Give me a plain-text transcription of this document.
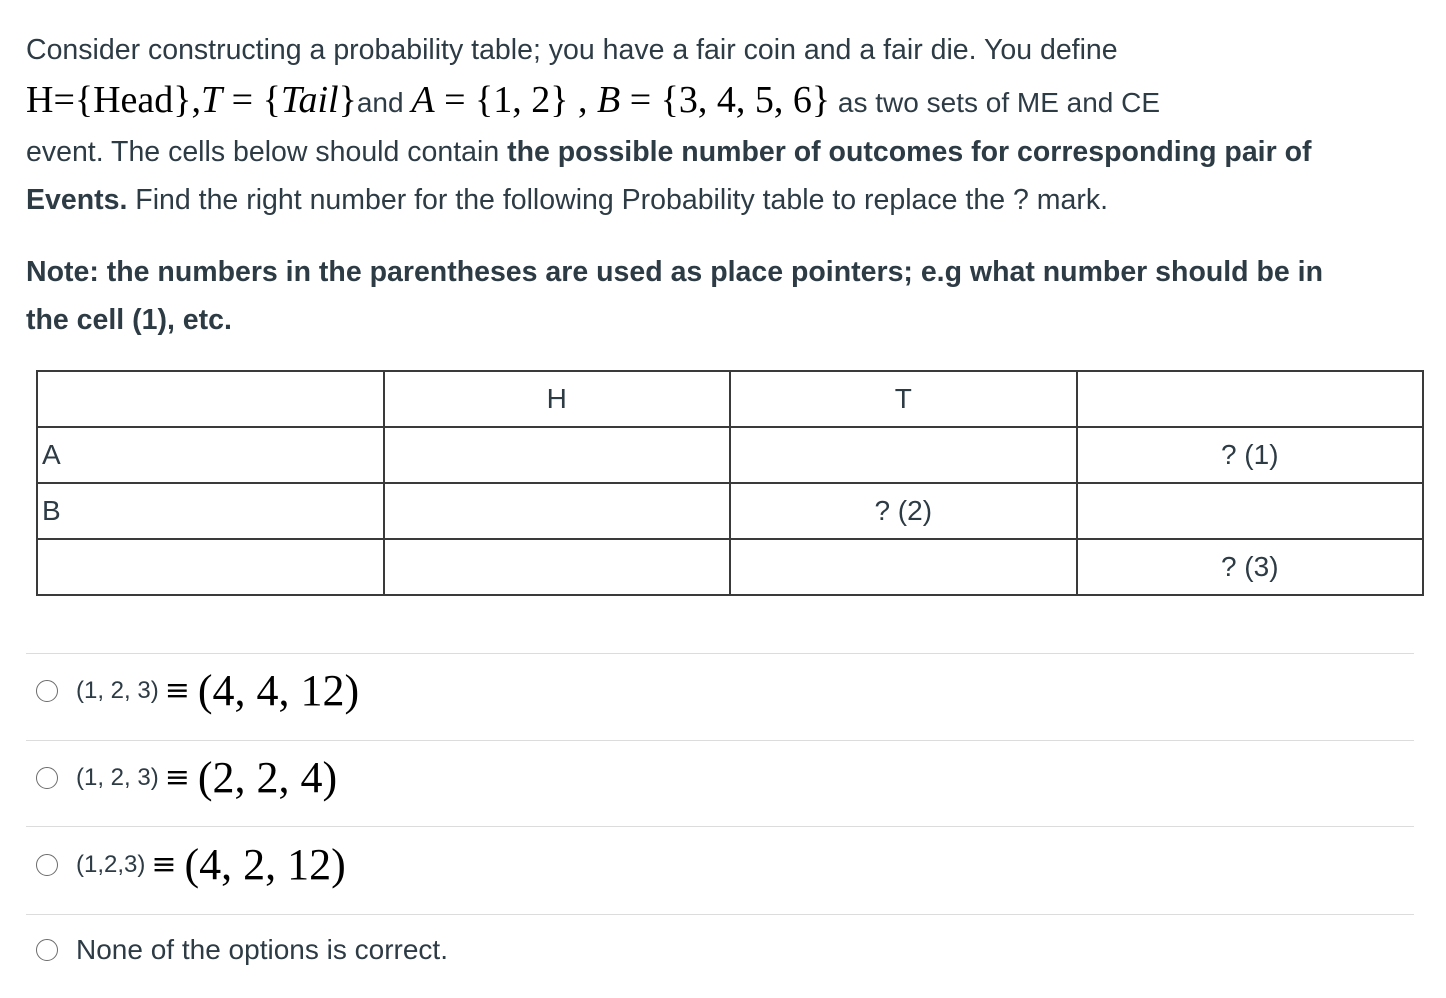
Consider constructing a probability table; you have a fair coin and a fair die. You define
H={Head},T = {Tail}and A = {1, 2} , B = {3, 4, 5, 6} as two sets of ME and CE
event. The cells below should contain the possible number of outcomes for corresponding pair of
Events. Find the right number for the following Probability table to replace the ? mark.
Note: the numbers in the parentheses are used as place pointers; e.g what number should be in
the cell (1), etc.
	H	T	
A			? (1)
B		? (2)	
			? (3)
(1, 2, 3) ≡ (4, 4, 12)
(1, 2, 3) ≡ (2, 2, 4)
(1,2,3) ≡ (4, 2, 12)
None of the options is correct.
